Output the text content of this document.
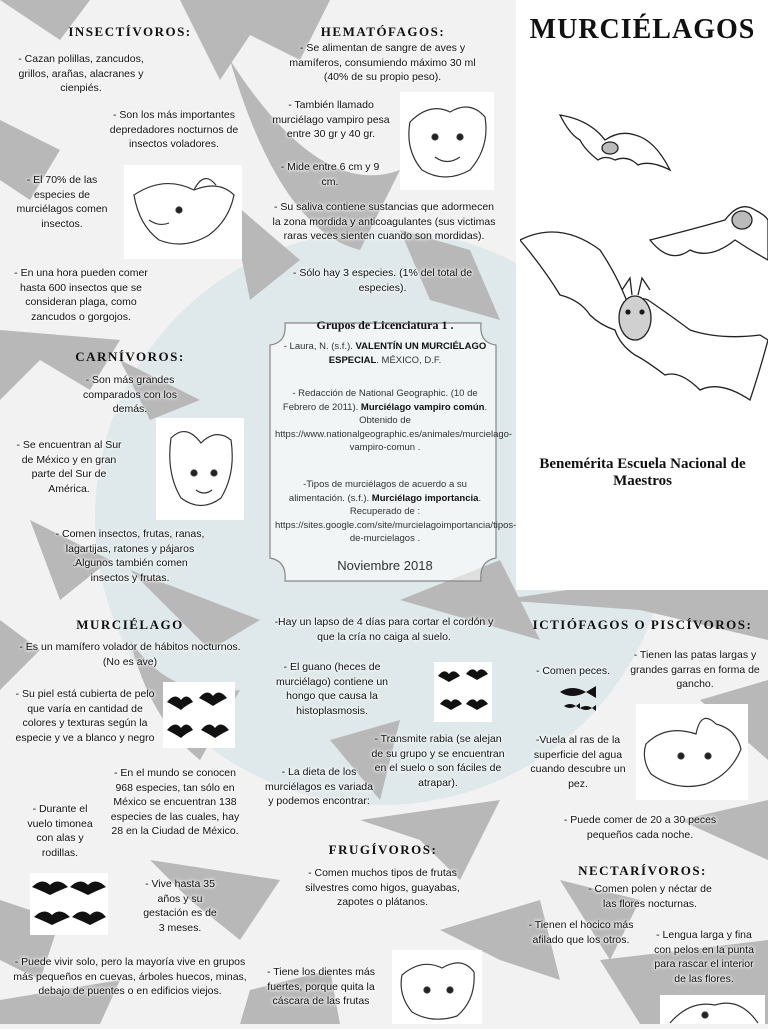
MURCIÉLAGOS
Benemérita Escuela Nacional de Maestros
INSECTÍVOROS:
- Cazan polillas, zancudos, grillos, arañas, alacranes y cienpiés.
- Son los más importantes depredadores nocturnos de insectos voladores.
- El 70% de las especies de murciélagos comen insectos.
- En una hora pueden comer hasta 600 insectos que se consideran plaga, como zancudos o gorgojos.
CARNÍVOROS:
- Son más grandes comparados con los demás.
- Se encuentran al Sur de México y en gran parte del Sur de América.
- Comen insectos, frutas, ranas, lagartijas, ratones y pájaros .Algunos también comen insectos y frutas.
HEMATÓFAGOS:
- Se alimentan de sangre de aves y mamíferos, consumiendo máximo 30 ml (40% de su propio peso).
- También llamado murciélago vampiro pesa entre 30 gr y 40 gr.
- Mide entre 6 cm y 9 cm.
- Su saliva contiene sustancias que adormecen la zona mordida y anticoagulantes (sus victimas raras veces sienten cuando son mordidas).
- Sólo hay 3 especies. (1% del total de especies).
Grupos de Licenciatura 1 .
- Laura, N. (s.f.). VALENTÍN UN MURCIÉLAGO ESPECIAL. MÉXICO, D.F.
- Redacción de National Geographic. (10 de Febrero de 2011). Murciélago vampiro común. Obtenido de https://www.nationalgeographic.es/animales/murcielago-vampiro-comun .
-Tipos de murciélagos de acuerdo a su alimentación. (s.f.). Murciélago importancia. Recuperado de : https://sites.google.com/site/murcielagoimportancia/tipos-de-murcielagos .
Noviembre 2018
MURCIÉLAGO
- Es un mamífero volador de hábitos nocturnos. (No es ave)
- Su piel está cubierta de pelo que varía en cantidad de colores y texturas según la especie y ve a blanco y negro
- En el mundo se conocen 968 especies, tan sólo en México se encuentran 138 especies de las cuales, hay 28 en la Ciudad de México.
- Durante el vuelo timonea con alas y rodillas.
- Vive hasta 35 años y su gestación es de 3 meses.
- Puede vivir solo, pero la mayoría vive en grupos más pequeños en cuevas, árboles huecos, minas, debajo de puentes o en edificios viejos.
-Hay un lapso de 4 días para cortar el cordón y que la cría no caiga al suelo.
- El guano (heces de murciélago) contiene un hongo que causa la histoplasmosis.
- Transmite rabia (se alejan de su grupo y se encuentran en el suelo o son fáciles de atrapar).
- La dieta de los murciélagos es variada y podemos encontrar:
FRUGÍVOROS:
- Comen muchos tipos de frutas silvestres como higos, guayabas, zapotes o plátanos.
- Tiene los dientes más fuertes, porque quita la cáscara de las frutas
ICTIÓFAGOS O PISCÍVOROS:
- Comen peces.
- Tienen las patas largas y grandes garras en forma de gancho.
-Vuela al ras de la superficie del agua cuando descubre un pez.
- Puede comer de 20 a 30 peces pequeños cada noche.
NECTARÍVOROS:
- Comen polen y néctar de las flores nocturnas.
- Tienen el hocico más afilado que los otros.	- Lengua larga y fina con pelos en la punta para rascar el interior de las flores.
